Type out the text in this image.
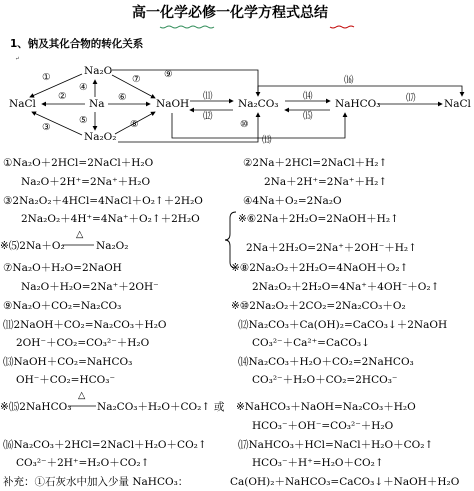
高一化学必修一化学方程式总结
1、钠及其化合物的转化关系
↵
Na₂O
NaCl	Na
Na₂O₂
NaOH	Na₂CO₃	NaHCO₃	NaCl
①
②
③
④
⑤
⑥
⑦
⑧
⑨
⑩
⑾
⑿
⒀
⒁
⒂
⒃
⒄
①Na₂O＋2HCl=2NaCl＋H₂O
Na₂O＋2H⁺=2Na⁺＋H₂O
②2Na＋2HCl=2NaCl＋H₂↑
2Na＋2H⁺=2Na⁺＋H₂↑
③2Na₂O₂＋4HCl=4NaCl＋O₂↑＋2H₂O
2Na₂O₂＋4H⁺=4Na⁺＋O₂↑＋2H₂O
④4Na＋O₂=2Na₂O
※⑥2Na＋2H₂O=2NaOH＋H₂↑
2Na＋2H₂O=2Na⁺＋2OH⁻＋H₂↑
※⑸2Na＋O₂
△
Na₂O₂
⑦Na₂O＋H₂O=2NaOH
Na₂O＋H₂O=2Na⁺＋2OH⁻
※⑧2Na₂O₂＋2H₂O=4NaOH＋O₂↑
2Na₂O₂＋2H₂O=4Na⁺＋4OH⁻＋O₂↑
⑨Na₂O＋CO₂=Na₂CO₃	※⑩2Na₂O₂＋2CO₂=2Na₂CO₃＋O₂
⑾2NaOH＋CO₂=Na₂CO₃＋H₂O
2OH⁻＋CO₂=CO₃²⁻＋H₂O
⑿Na₂CO₃＋Ca(OH)₂=CaCO₃↓＋2NaOH
CO₃²⁻＋Ca²⁺=CaCO₃↓
⒀NaOH＋CO₂=NaHCO₃
OH⁻＋CO₂=HCO₃⁻
⒁Na₂CO₃＋H₂O＋CO₂=2NaHCO₃
CO₃²⁻＋H₂O＋CO₂=2HCO₃⁻
※⒂2NaHCO₃
△
Na₂CO₃＋H₂O＋CO₂↑ 或 ※NaHCO₃＋NaOH=Na₂CO₃＋H₂O
HCO₃⁻＋OH⁻=CO₃²⁻＋H₂O
⒃Na₂CO₃＋2HCl=2NaCl＋H₂O＋CO₂↑
CO₃²⁻＋2H⁺=H₂O＋CO₂↑
⒄NaHCO₃＋HCl=NaCl＋H₂O＋CO₂↑
HCO₃⁻＋H⁺=H₂O＋CO₂↑
补充：①石灰水中加入少量 NaHCO₃：	Ca(OH)₂＋NaHCO₃=CaCO₃↓＋NaOH＋H₂O
